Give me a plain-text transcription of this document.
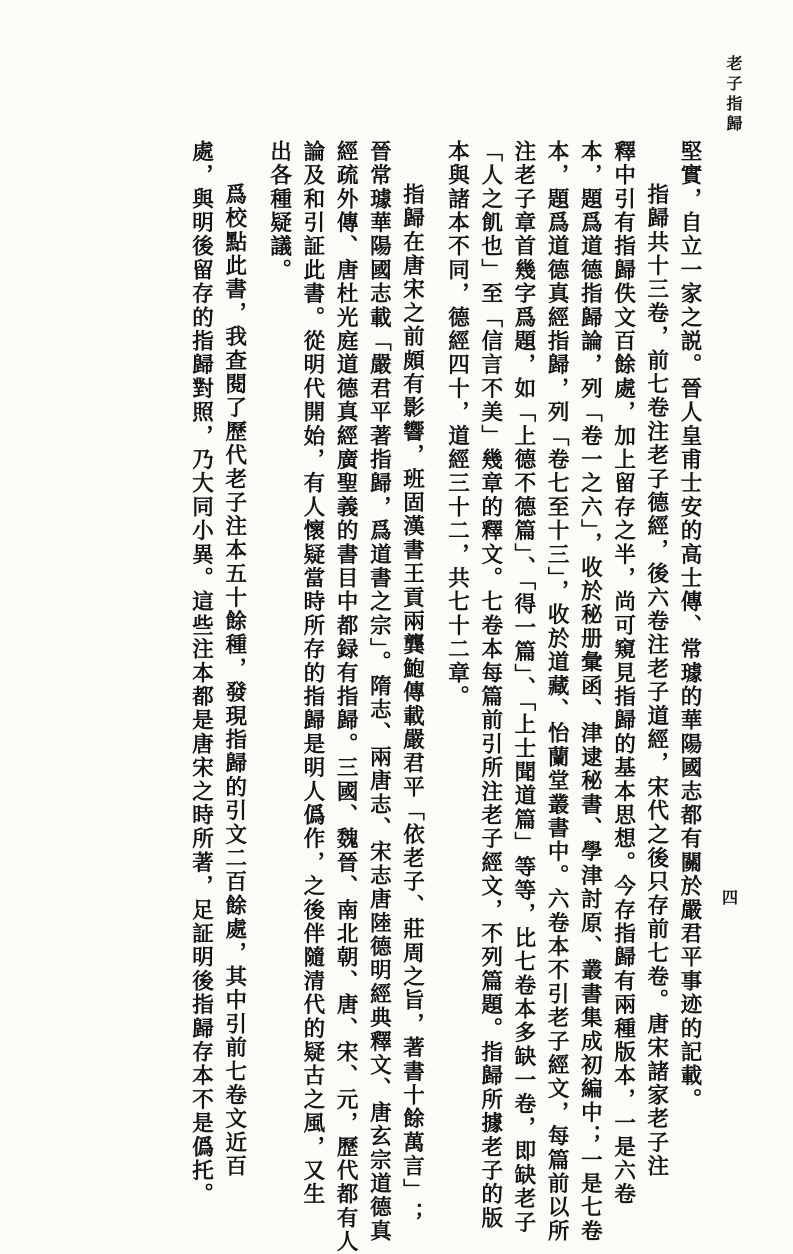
老子指歸
四
堅實，自立一家之説。晉人皇甫士安的高士傳、常璩的華陽國志都有關於嚴君平事迹的記載。
指歸共十三卷，前七卷注老子德經，後六卷注老子道經，宋代之後只存前七卷。唐宋諸家老子注
釋中引有指歸佚文百餘處，加上留存之半，尚可窺見指歸的基本思想。今存指歸有兩種版本，一是六卷
本，題爲道德指歸論，列「卷一之六」，收於秘册彙函、津逮秘書、學津討原、叢書集成初編中；一是七卷
本，題爲道德真經指歸，列「卷七至十三」，收於道藏、怡蘭堂叢書中。六卷本不引老子經文，每篇前以所
注老子章首幾字爲題，如「上德不德篇」、「得一篇」、「上士聞道篇」等等，比七卷本多缺一卷，即缺老子
「人之飢也」至「信言不美」幾章的釋文。七卷本每篇前引所注老子經文，不列篇題。指歸所據老子的版
本與諸本不同，德經四十，道經三十二，共七十二章。
指歸在唐宋之前頗有影響，班固漢書王貢兩龔鮑傳載嚴君平「依老子、莊周之旨，著書十餘萬言」；
晉常璩華陽國志載「嚴君平著指歸，爲道書之宗」。隋志、兩唐志、宋志唐陸德明經典釋文、唐玄宗道德真
經疏外傳、唐杜光庭道德真經廣聖義的書目中都録有指歸。三國、魏晉、南北朝、唐、宋、元，歷代都有人
論及和引証此書。從明代開始，有人懷疑當時所存的指歸是明人僞作，之後伴隨清代的疑古之風，又生
出各種疑議。
爲校點此書，我查閱了歷代老子注本五十餘種，發現指歸的引文二百餘處，其中引前七卷文近百
處，與明後留存的指歸對照，乃大同小異。這些注本都是唐宋之時所著，足証明後指歸存本不是僞托。
